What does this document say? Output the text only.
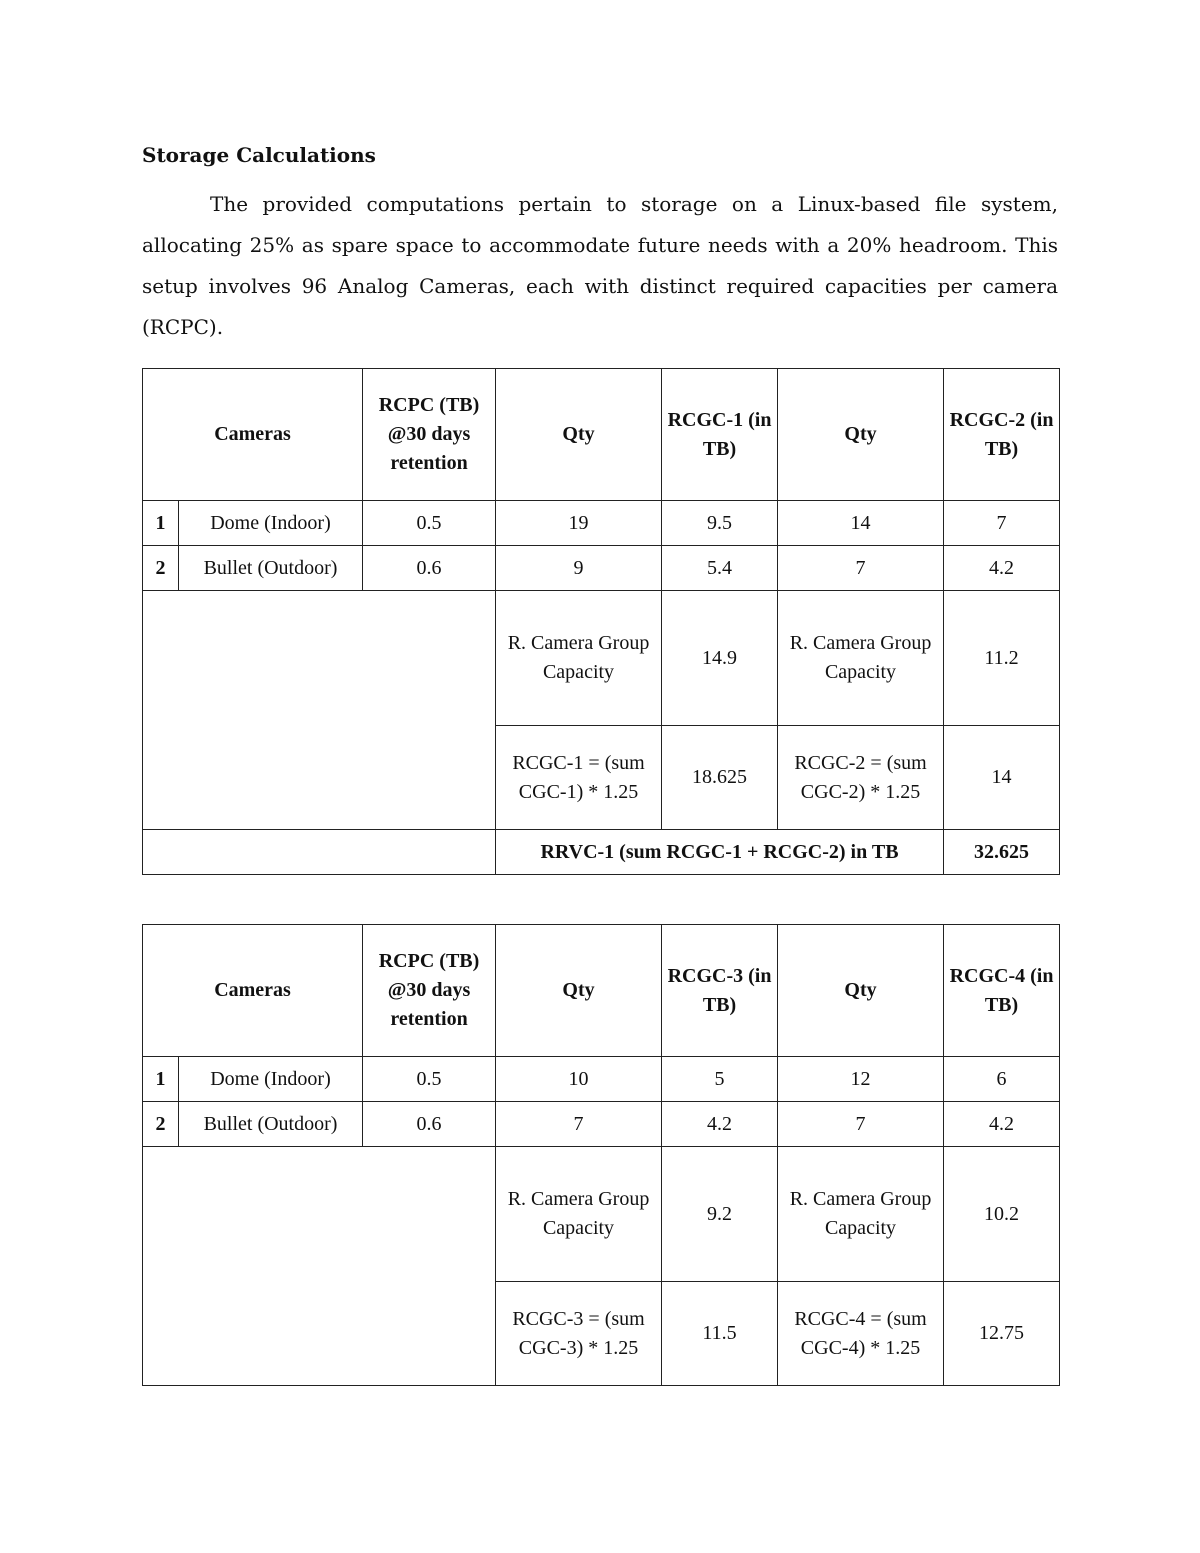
Storage Calculations

The provided computations pertain to storage on a Linux-based file system, allocating 25% as spare space to accommodate future needs with a 20% headroom. This setup involves 96 Analog Cameras, each with distinct required capacities per camera (RCPC).

Cameras		RCPC (TB) @30 days retention	Qty	RCGC-1 (in TB)	Qty	RCGC-2 (in TB)
1	Dome (Indoor)	0.5	19	9.5	14	7
2	Bullet (Outdoor)	0.6	9	5.4	7	4.2
			R. Camera Group Capacity	14.9	R. Camera Group Capacity	11.2
			RCGC-1 = (sum CGC-1) * 1.25	18.625	RCGC-2 = (sum CGC-2) * 1.25	14
			RRVC-1 (sum RCGC-1 + RCGC-2) in TB			32.625
Cameras		RCPC (TB) @30 days retention	Qty	RCGC-3 (in TB)	Qty	RCGC-4 (in TB)
1	Dome (Indoor)	0.5	10	5	12	6
2	Bullet (Outdoor)	0.6	7	4.2	7	4.2
			R. Camera Group Capacity	9.2	R. Camera Group Capacity	10.2
			RCGC-3 = (sum CGC-3) * 1.25	11.5	RCGC-4 = (sum CGC-4) * 1.25	12.75
